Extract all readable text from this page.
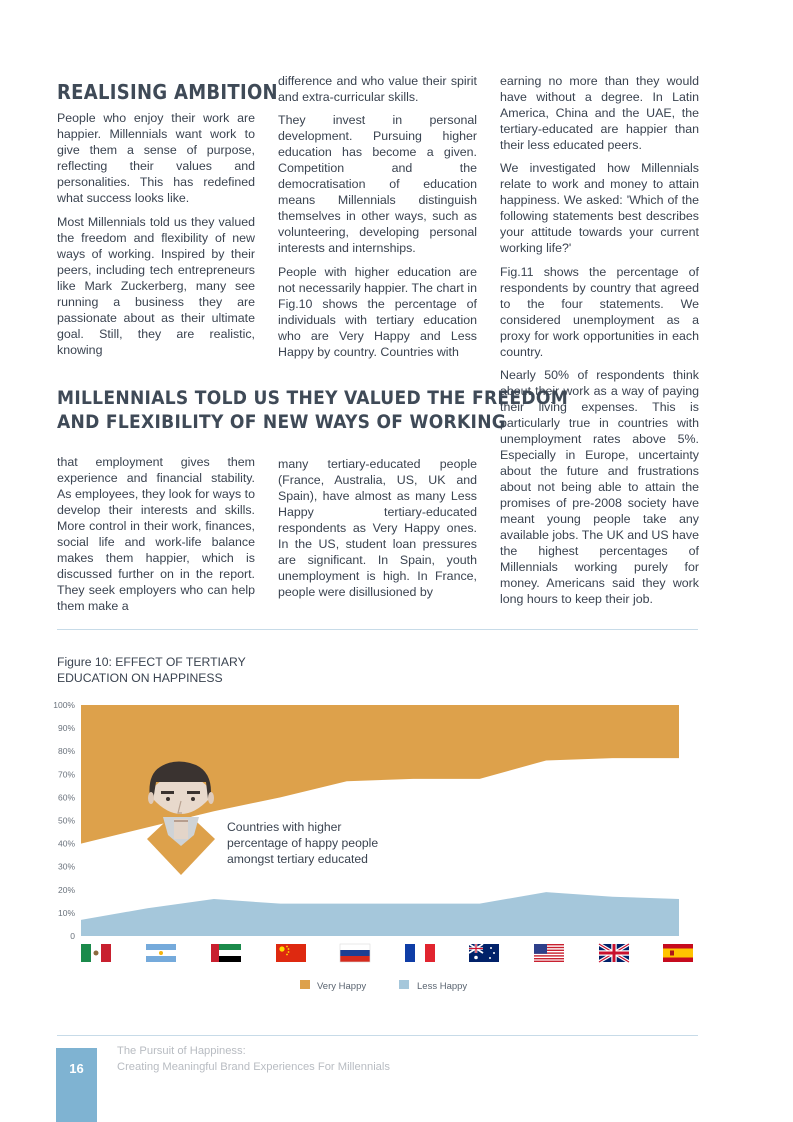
REALISING AMBITION
MILLENNIALS TOLD US THEY VALUED THE FREEDOM
AND FLEXIBILITY OF NEW WAYS OF WORKING

People who enjoy their work are happier. Millennials want work to give them a sense of purpose, reflecting their values and personalities. This has redefined what success looks like.

Most Millennials told us they valued the freedom and flexibility of new ways of working. Inspired by their peers, including tech entrepreneurs like Mark Zuckerberg, many see running a business they are passionate about as their ultimate goal. Still, they are realistic, knowing

that employment gives them experience and financial stability. As employees, they look for ways to develop their interests and skills. More control in their work, finances, social life and work-life balance makes them happier, which is discussed further on in the report. They seek employers who can help them make a

difference and who value their spirit and extra-curricular skills.

They invest in personal development. Pursuing higher education has become a given. Competition and the democratisation of education means Millennials distinguish themselves in other ways, such as volunteering, developing personal interests and internships.

People with higher education are not necessarily happier. The chart in Fig.10 shows the percentage of individuals with tertiary education who are Very Happy and Less Happy by country. Countries with

many tertiary-educated people (France, Australia, US, UK and Spain), have almost as many Less Happy tertiary-educated respondents as Very Happy ones. In the US, student loan pressures are significant. In Spain, youth unemployment is high. In France, people were disillusioned by

earning no more than they would have without a degree. In Latin America, China and the UAE, the tertiary-educated are happier than their less educated peers.

We investigated how Millennials relate to work and money to attain happiness. We asked: 'Which of the following statements best describes your attitude towards your current working life?'

Fig.11 shows the percentage of respondents by country that agreed to the four statements. We considered unemployment as a proxy for work opportunities in each country.

Nearly 50% of respondents think about their work as a way of paying their living expenses. This is particularly true in countries with unemployment rates above 5%. Especially in Europe, uncertainty about the future and frustrations about not being able to attain the promises of pre-2008 society have meant young people take any available jobs. The UK and US have the highest percentages of Millennials working purely for money. Americans said they work long hours to keep their job.

Figure 10: EFFECT OF TERTIARY
EDUCATION ON HAPPINESS
0
10%
20%
30%
40%
50%
60%
70%
80%
90%
100%
Countries with higher
percentage of happy people
amongst tertiary educated
Very Happy	Less Happy
16
The Pursuit of Happiness:
Creating Meaningful Brand Experiences For Millennials
